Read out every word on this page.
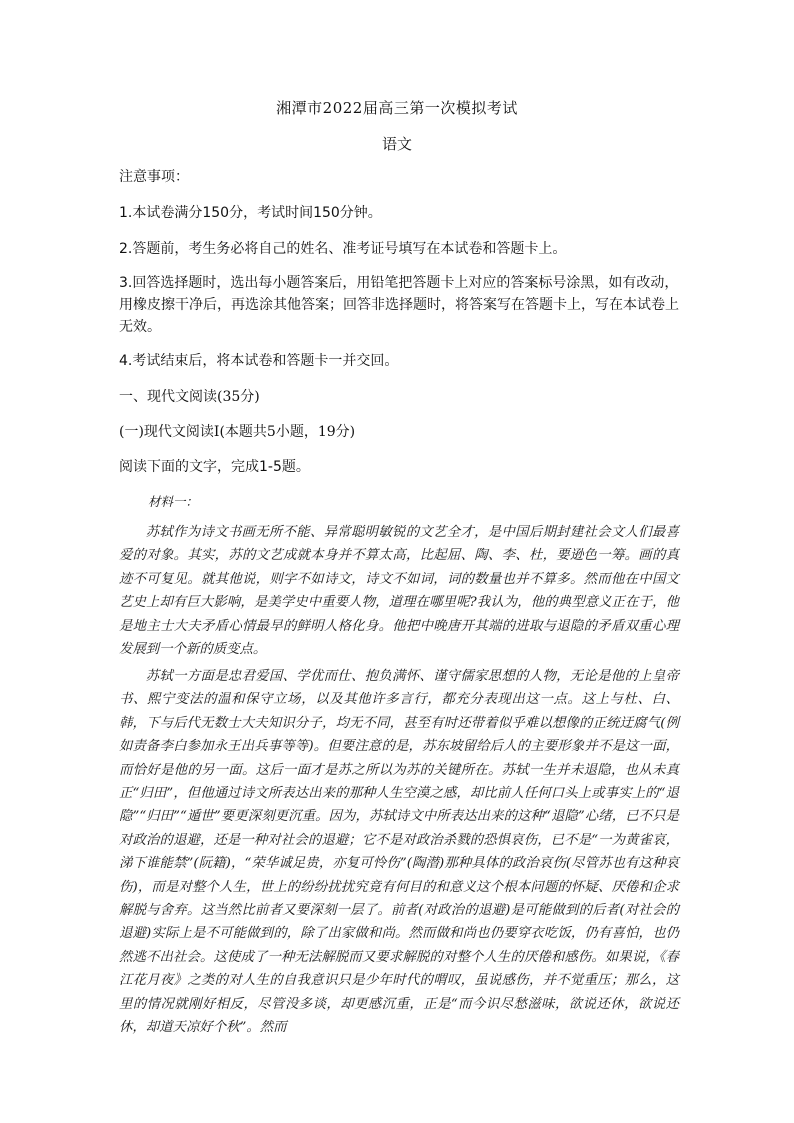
湘潭市2022届高三第一次模拟考试
语文
注意事项：
1.本试卷满分150分，考试时间150分钟。
2.答题前，考生务必将自己的姓名、准考证号填写在本试卷和答题卡上。
3.回答选择题时，选出每小题答案后，用铅笔把答题卡上对应的答案标号涂黑，如有改动，用橡皮擦干净后，再选涂其他答案；回答非选择题时，将答案写在答题卡上，写在本试卷上无效。
4.考试结束后，将本试卷和答题卡一并交回。
一、现代文阅读(35分)
(一)现代文阅读Ⅰ(本题共5小题，19分)
阅读下面的文字，完成1-5题。
材料一：
苏轼作为诗文书画无所不能、异常聪明敏锐的文艺全才，是中国后期封建社会文人们最喜爱的对象。其实，苏的文艺成就本身并不算太高，比起屈、陶、李、杜，要逊色一筹。画的真迹不可复见。就其他说，则字不如诗文，诗文不如词，词的数量也并不算多。然而他在中国文艺史上却有巨大影响，是美学史中重要人物，道理在哪里呢?我认为，他的典型意义正在于，他是地主士大夫矛盾心情最早的鲜明人格化身。他把中晚唐开其端的进取与退隐的矛盾双重心理发展到一个新的质变点。
苏轼一方面是忠君爱国、学优而仕、抱负满怀、谨守儒家思想的人物，无论是他的上皇帝书、熙宁变法的温和保守立场，以及其他许多言行，都充分表现出这一点。这上与杜、白、韩，下与后代无数士大夫知识分子，均无不同，甚至有时还带着似乎难以想像的正统迂腐气(例如责备李白参加永王出兵事等等)。但要注意的是，苏东坡留给后人的主要形象并不是这一面，而恰好是他的另一面。这后一面才是苏之所以为苏的关键所在。苏轼一生并未退隐，也从未真正“归田”，但他通过诗文所表达出来的那种人生空漠之感，却比前人任何口头上或事实上的“退隐”“归田”“遁世”要更深刻更沉重。因为，苏轼诗文中所表达出来的这种“退隐”心绪，已不只是对政治的退避，还是一种对社会的退避；它不是对政治杀戮的恐惧哀伤，已不是“一为黄雀哀，涕下谁能禁”(阮籍)，“荣华诚足贵，亦复可怜伤”(陶潜)那种具体的政治哀伤(尽管苏也有这种哀伤)，而是对整个人生，世上的纷纷扰扰究竟有何目的和意义这个根本问题的怀疑、厌倦和企求解脱与舍弃。这当然比前者又要深刻一层了。前者(对政治的退避)是可能做到的后者(对社会的退避)实际上是不可能做到的，除了出家做和尚。然而做和尚也仍要穿衣吃饭，仍有喜怕，也仍然逃不出社会。这使成了一种无法解脱而又要求解脱的对整个人生的厌倦和感伤。如果说，《春江花月夜》之类的对人生的自我意识只是少年时代的喟叹，虽说感伤，并不觉重压；那么，这里的情况就刚好相反，尽管没多谈，却更感沉重，正是“而今识尽愁滋味，欲说还休，欲说还休，却道天凉好个秋”。然而
